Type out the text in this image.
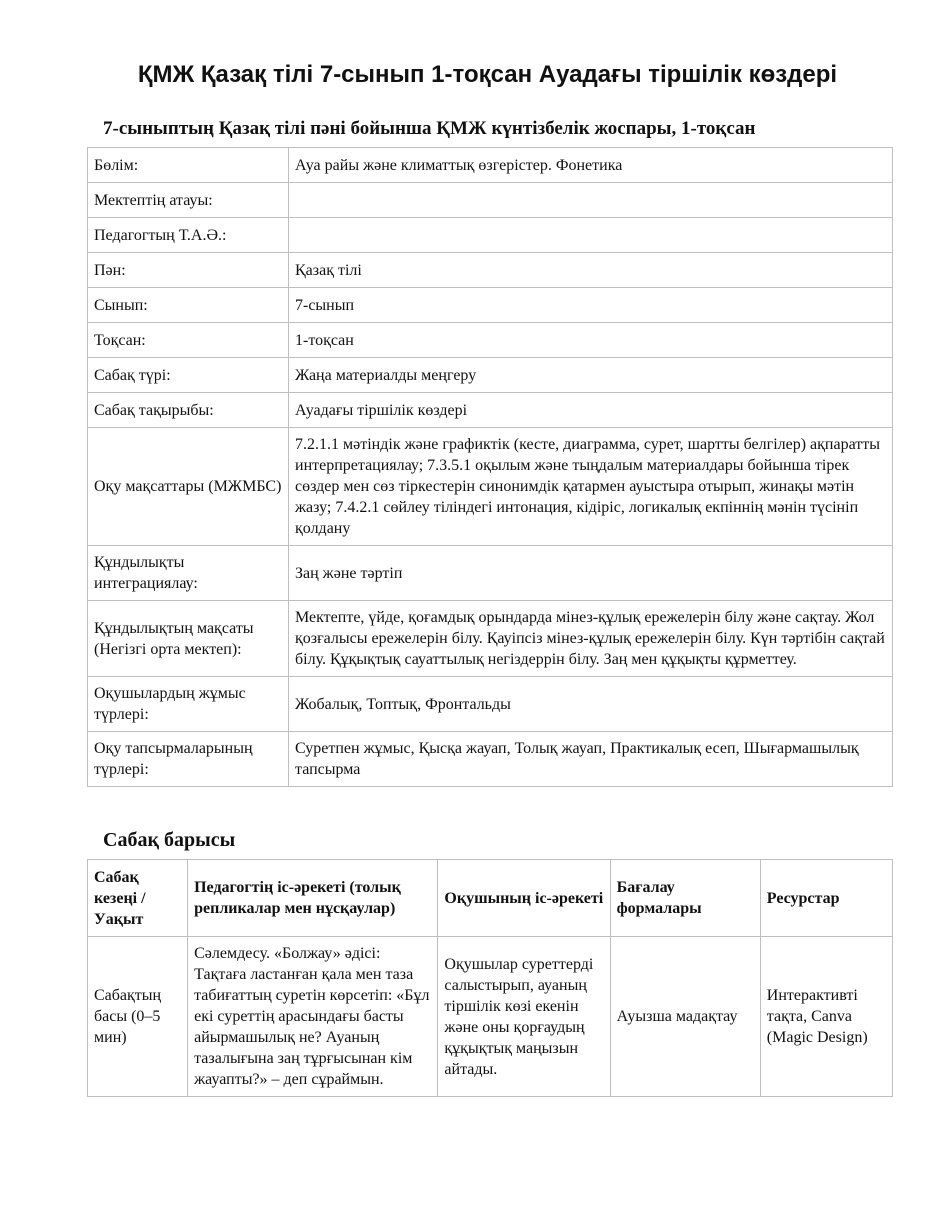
ҚМЖ Қазақ тілі 7-сынып 1-тоқсан Ауадағы тіршілік көздері
7-сыныптың Қазақ тілі пәні бойынша ҚМЖ күнтізбелік жоспары, 1-тоқсан
Бөлім:	Ауа райы және климаттық өзгерістер. Фонетика
Мектептің атауы:	
Педагогтың Т.А.Ә.:	
Пән:	Қазақ тілі
Сынып:	7-сынып
Тоқсан:	1-тоқсан
Сабақ түрі:	Жаңа материалды меңгеру
Сабақ тақырыбы:	Ауадағы тіршілік көздері
Оқу мақсаттары (МЖМБС)	7.2.1.1 мәтіндік және графиктік (кесте, диаграмма, сурет, шартты белгілер) ақпаратты интерпретациялау; 7.3.5.1 оқылым және тыңдалым материалдары бойынша тірек сөздер мен сөз тіркестерін синонимдік қатармен ауыстыра отырып, жинақы мәтін жазу; 7.4.2.1 сөйлеу тіліндегі интонация, кідіріс, логикалық екпіннің мәнін түсініп қолдану
Құндылықты интеграциялау:	Заң және тәртіп
Құндылықтың мақсаты (Негізгі орта мектеп):	Мектепте, үйде, қоғамдық орындарда мінез-құлық ережелерін білу және сақтау. Жол қозғалысы ережелерін білу. Қауіпсіз мінез-құлық ережелерін білу. Күн тәртібін сақтай білу. Құқықтық сауаттылық негіздеррін білу. Заң мен құқықты құрметтеу.
Оқушылардың жұмыс түрлері:	Жобалық, Топтық, Фронтальды
Оқу тапсырмаларының түрлері:	Суретпен жұмыс, Қысқа жауап, Толық жауап, Практикалық есеп, Шығармашылық тапсырма
Сабақ барысы
Сабақ кезеңі / Уақыт	Педагогтің іс-әрекеті (толық репликалар мен нұсқаулар)	Оқушының іс-әрекеті	Бағалау формалары	Ресурстар
Сабақтың басы (0–5 мин)	Сәлемдесу. «Болжау» әдісі: Тақтаға ластанған қала мен таза табиғаттың суретін көрсетіп: «Бұл екі суреттің арасындағы басты айырмашылық не? Ауаның тазалығына заң тұрғысынан кім жауапты?» – деп сұраймын.	Оқушылар суреттерді салыстырып, ауаның тіршілік көзі екенін және оны қорғаудың құқықтық маңызын айтады.	Ауызша мадақтау	Интерактивті тақта, Canva (Magic Design)
